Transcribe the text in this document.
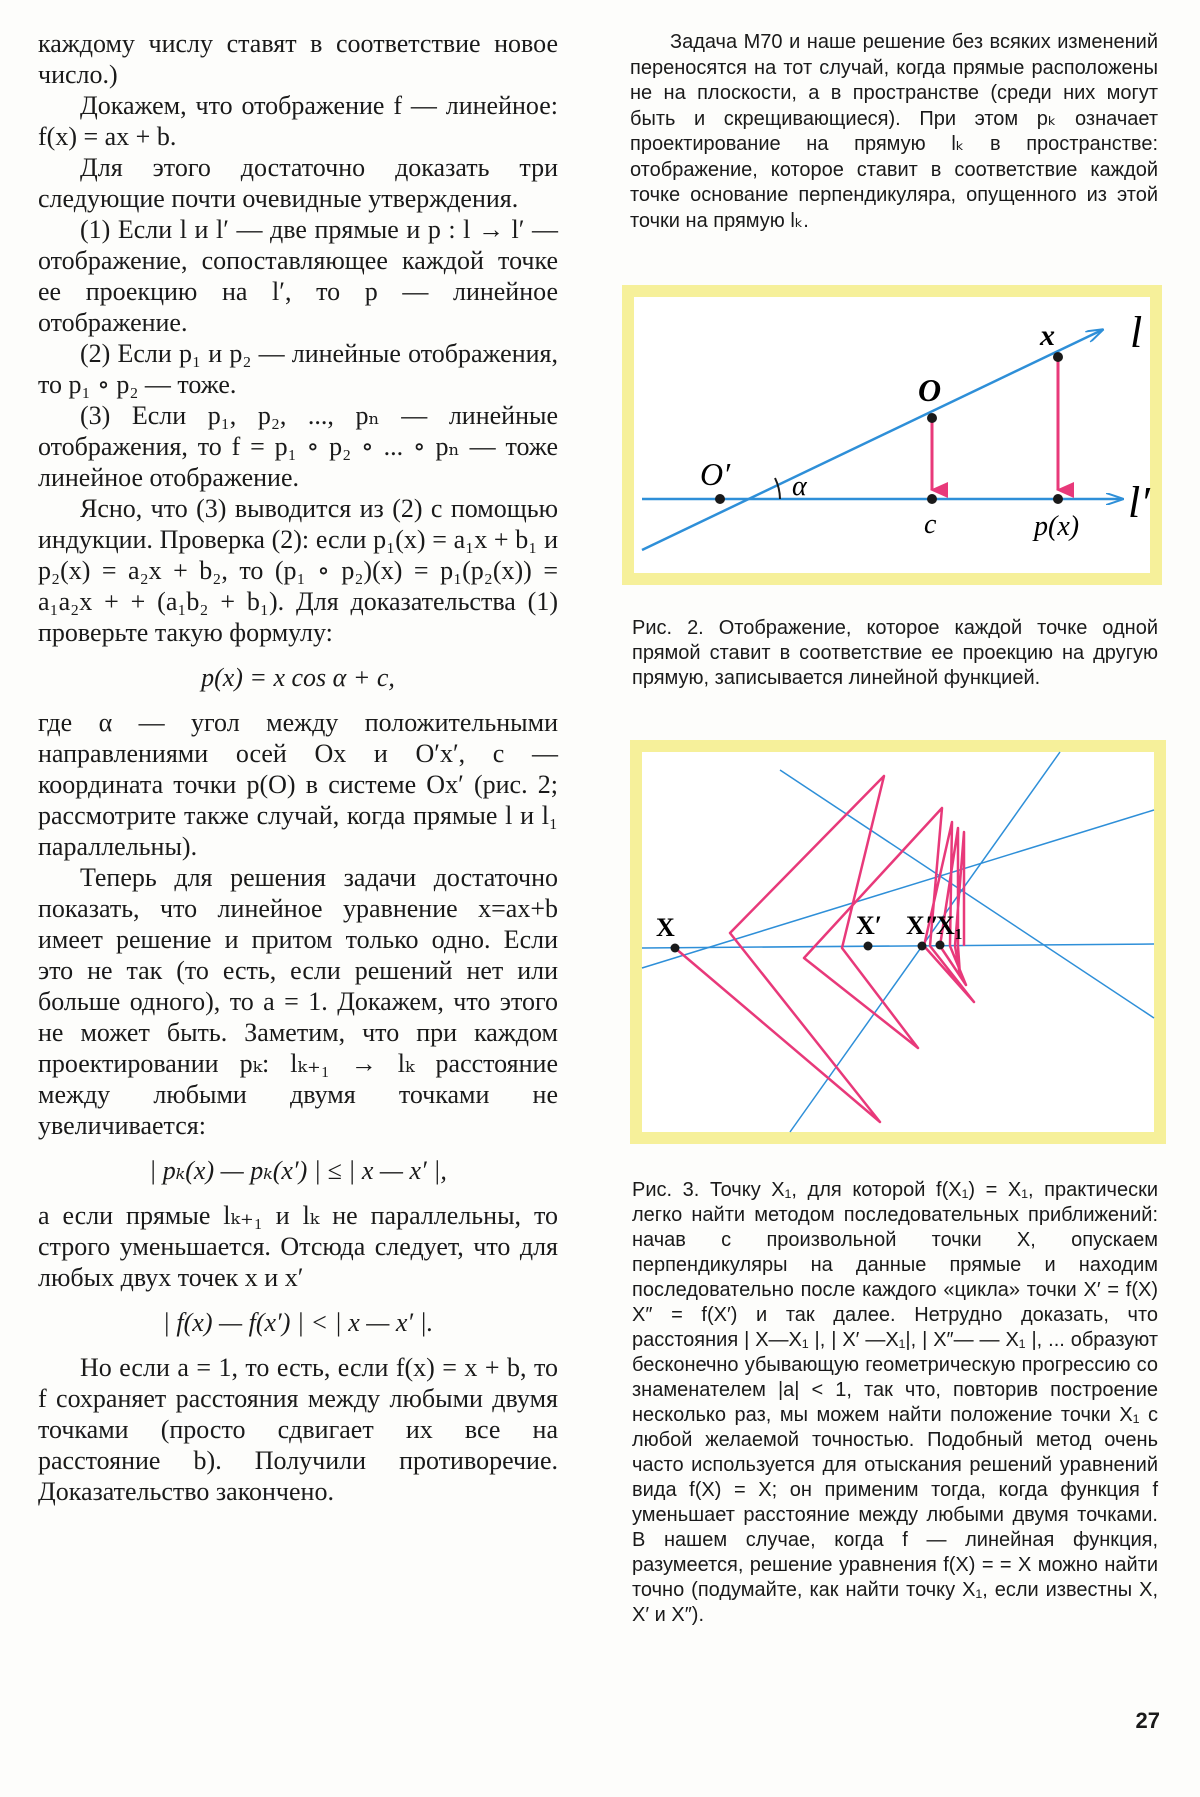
каждому числу ставят в соответствие новое число.)

Докажем, что отображение f — линейное: f(x) = ax + b.

Для этого достаточно доказать три следующие почти очевидные утверждения.

(1) Если l и l′ — две прямые и p : l → l′ — отображение, сопоставляющее каждой точке ее проекцию на l′, то p — линейное отображение.

(2) Если p₁ и p₂ — линейные отображения, то p₁ ∘ p₂ — тоже.

(3) Если p₁, p₂, ..., pₙ — линейные отображения, то f = p₁ ∘ p₂ ∘ ... ∘ pₙ — тоже линейное отображение.

Ясно, что (3) выводится из (2) с помощью индукции. Проверка (2): если p₁(x) = a₁x + b₁ и p₂(x) = a₂x + b₂, то (p₁ ∘ p₂)(x) = p₁(p₂(x)) = a₁a₂x + + (a₁b₂ + b₁). Для доказательства (1) проверьте такую формулу:

p(x) = x cos α + c,

где α — угол между положительными направлениями осей Ox и O′x′, c — координата точки p(O) в системе Ox′ (рис. 2; рассмотрите также случай, когда прямые l и l₁ параллельны).

Теперь для решения задачи достаточно показать, что линейное уравнение x=ax+b имеет решение и притом только одно. Если это не так (то есть, если решений нет или больше одного), то a = 1. Докажем, что этого не может быть. Заметим, что при каждом проектировании pₖ: lₖ₊₁ → lₖ расстояние между любыми двумя точками не увеличивается:

| pₖ(x) — pₖ(x′) | ≤ | x — x′ |,

а если прямые lₖ₊₁ и lₖ не параллельны, то строго уменьшается. Отсюда следует, что для любых двух точек x и x′

| f(x) — f(x′) | < | x — x′ |.

Но если a = 1, то есть, если f(x) = x + b, то f сохраняет расстояния между любыми двумя точками (просто сдвигает их все на расстояние b). Получили противоречие. Доказательство закончено.

Задача M70 и наше решение без всяких изменений переносятся на тот случай, когда прямые расположены не на плоскости, а в пространстве (среди них могут быть и скрещивающиеся). При этом pₖ означает проектирование на прямую lₖ в пространстве: отображение, которое ставит в соответствие каждой точке основание перпендикуляра, опущенного из этой точки на прямую lₖ.

x l
O
O′ α	l′
c	p(x)

Рис. 2. Отображение, которое каждой точке одной прямой ставит в соответствие ее проекцию на другую прямую, записывается линейной функцией.

X	X′ X″
X₁

Рис. 3. Точку X₁, для которой f(X₁) = X₁, практически легко найти методом последовательных приближений: начав с произвольной точки X, опускаем перпендикуляры на данные прямые и находим последовательно после каждого «цикла» точки X′ = f(X) X″ = f(X′) и так далее. Нетрудно доказать, что расстояния | X—X₁ |, | X′ —X₁|, | X″— — X₁ |, ... образуют бесконечно убывающую геометрическую прогрессию со знаменателем |a| < 1, так что, повторив построение несколько раз, мы можем найти положение точки X₁ с любой желаемой точностью. Подобный метод очень часто используется для отыскания решений уравнений вида f(X) = X; он применим тогда, когда функция f уменьшает расстояние между любыми двумя точками. В нашем случае, когда f — линейная функция, разумеется, решение уравнения f(X) = = X можно найти точно (подумайте, как найти точку X₁, если известны X, X′ и X″).

27
